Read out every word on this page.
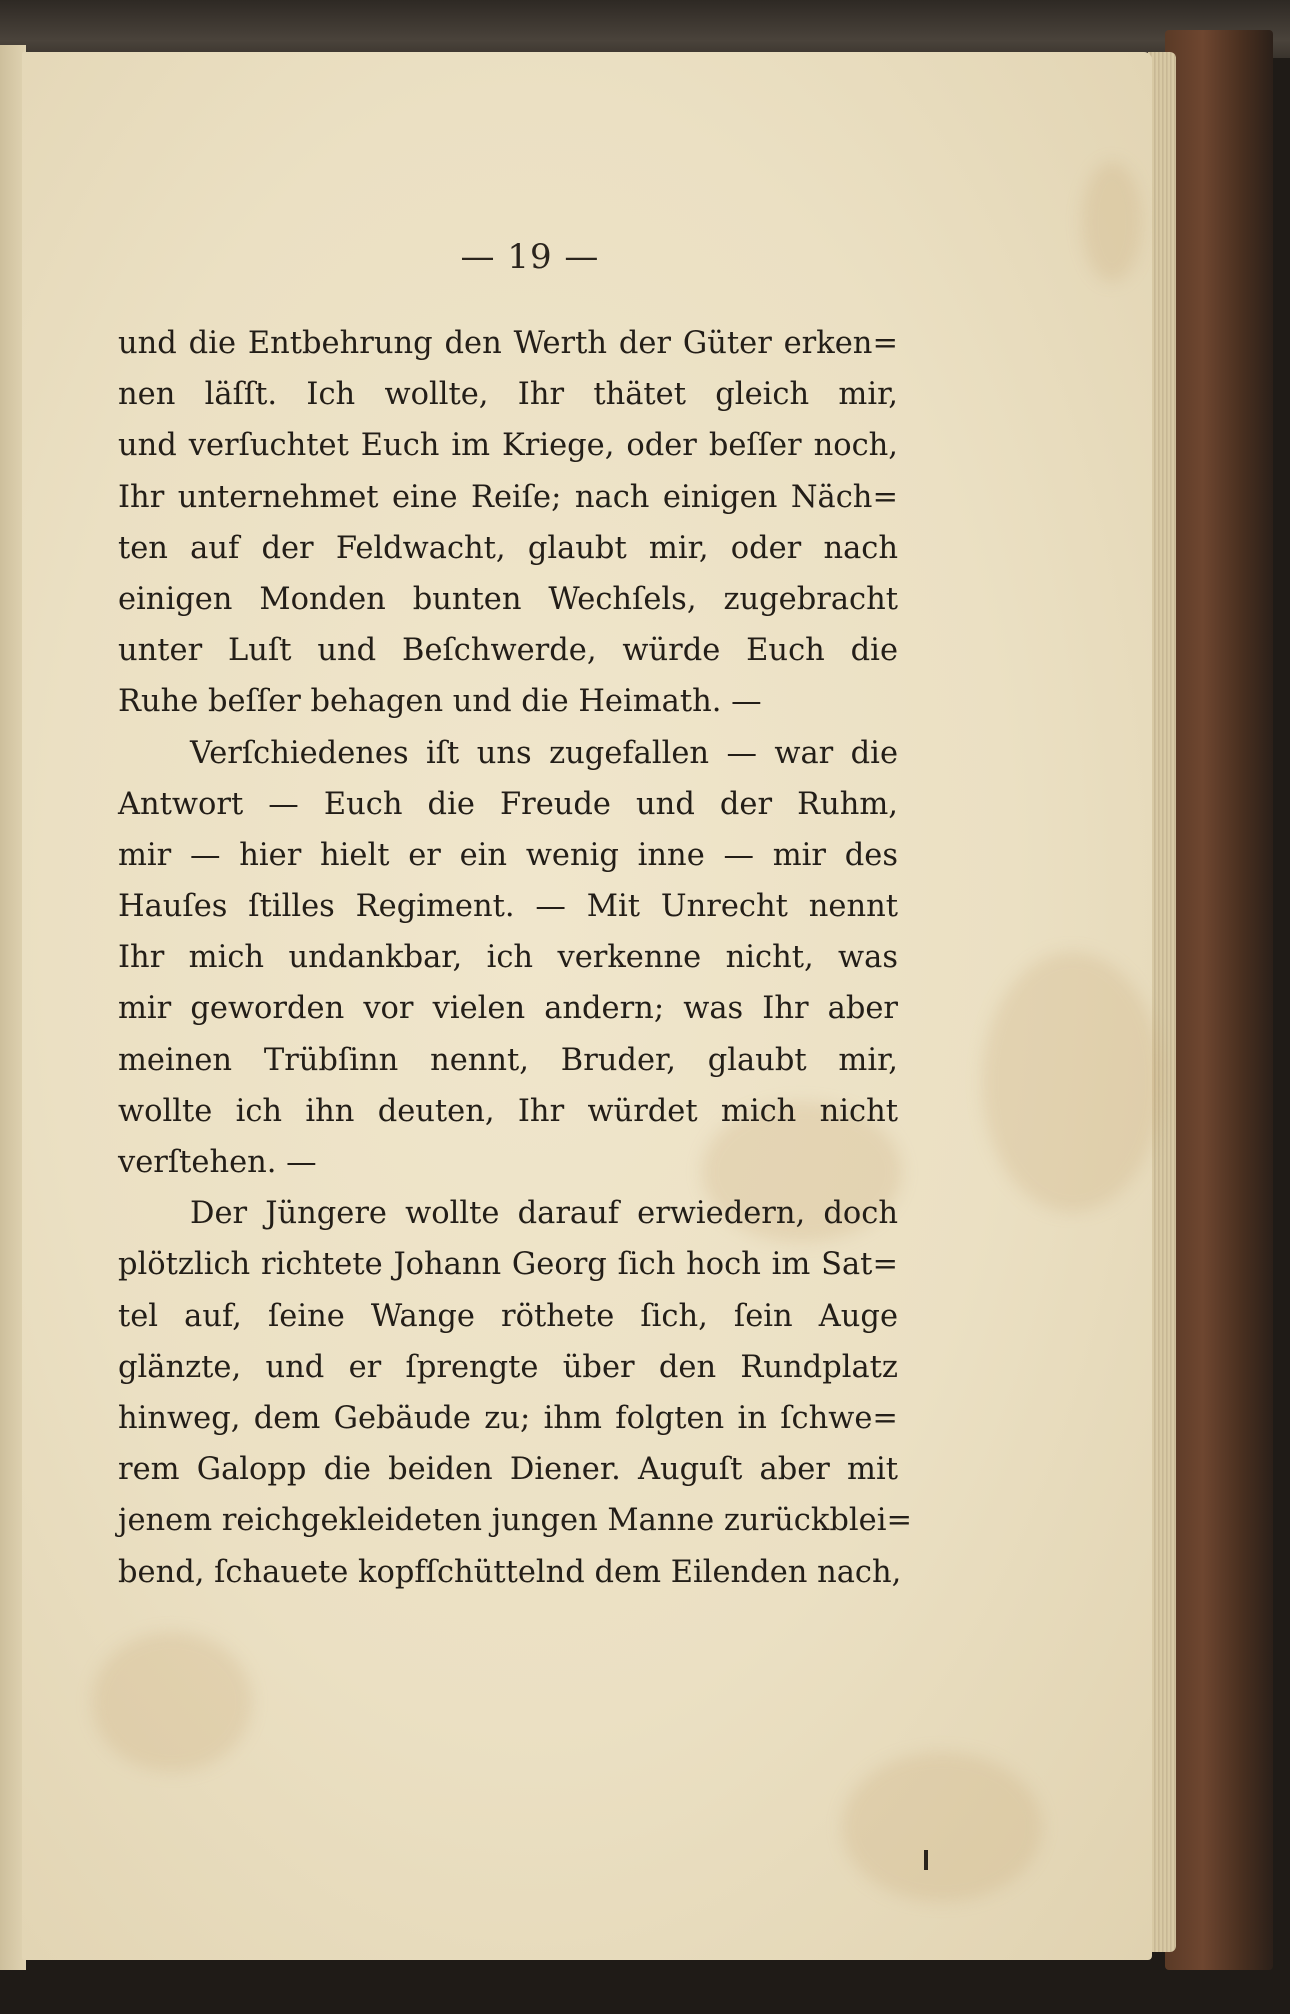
— 19 —
und die Entbehrung den Werth der Güter erken=
nen läſſt. Ich wollte, Ihr thätet gleich mir,
und verſuchtet Euch im Kriege, oder beſſer noch,
Ihr unternehmet eine Reiſe; nach einigen Näch=
ten auf der Feldwacht, glaubt mir, oder nach
einigen Monden bunten Wechſels, zugebracht
unter Luſt und Beſchwerde, würde Euch die
Ruhe beſſer behagen und die Heimath. —
Verſchiedenes iſt uns zugefallen — war die
Antwort — Euch die Freude und der Ruhm,
mir — hier hielt er ein wenig inne — mir des
Hauſes ſtilles Regiment. — Mit Unrecht nennt
Ihr mich undankbar, ich verkenne nicht, was
mir geworden vor vielen andern; was Ihr aber
meinen Trübſinn nennt, Bruder, glaubt mir,
wollte ich ihn deuten, Ihr würdet mich nicht
verſtehen. —
Der Jüngere wollte darauf erwiedern, doch
plötzlich richtete Johann Georg ſich hoch im Sat=
tel auf, ſeine Wange röthete ſich, ſein Auge
glänzte, und er ſprengte über den Rundplatz
hinweg, dem Gebäude zu; ihm folgten in ſchwe=
rem Galopp die beiden Diener. Auguſt aber mit
jenem reichgekleideten jungen Manne zurückblei=
bend, ſchauete kopfſchüttelnd dem Eilenden nach,
